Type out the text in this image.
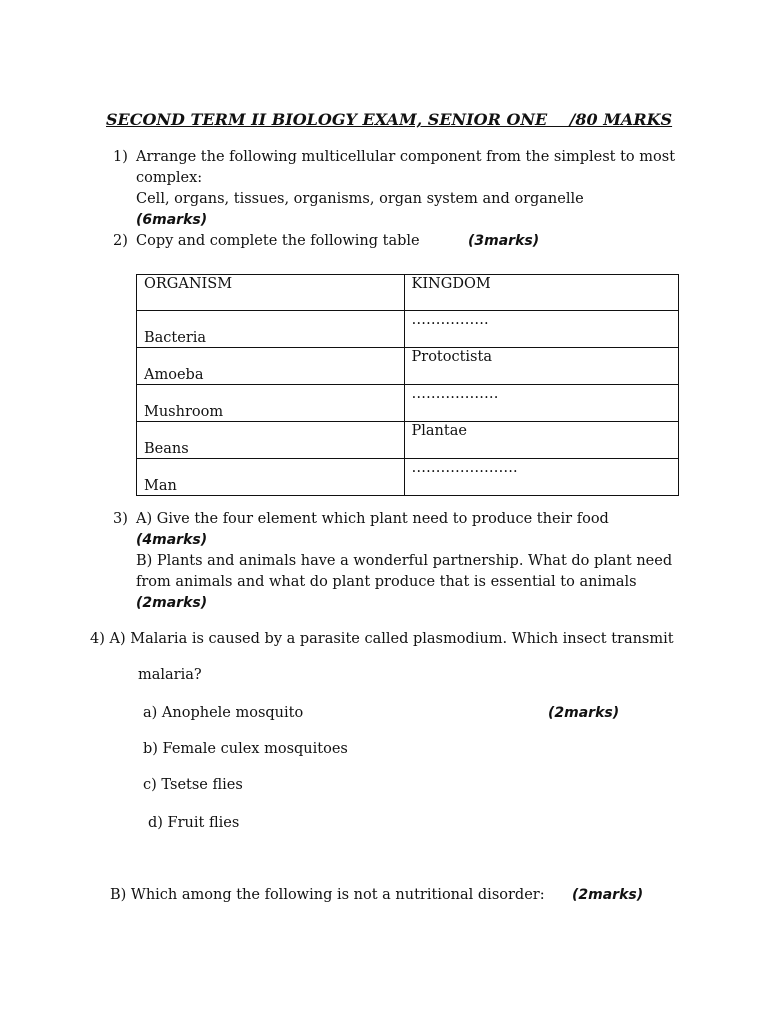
SECOND TERM II BIOLOGY EXAM, SENIOR ONE    /80 MARKS
1) Arrange the following multicellular component from the simplest to most
complex:
Cell, organs, tissues, organisms, organ system and organelle
(6marks)
2) Copy and complete the following table	(3marks)
ORGANISM	KINGDOM

Bacteria	…………….

Amoeba	Protoctista

Mushroom	………………

Beans	Plantae

Man	………………….
3) A) Give the four element which plant need to produce their food
(4marks)
B) Plants and animals have a wonderful partnership. What do plant need
from animals and what do plant produce that is essential to animals
(2marks)
4) A) Malaria is caused by a parasite called plasmodium. Which insect transmit
malaria?
a) Anophele mosquito	(2marks)
b) Female culex mosquitoes
c) Tsetse flies
d) Fruit flies
B) Which among the following is not a nutritional disorder: (2marks)
